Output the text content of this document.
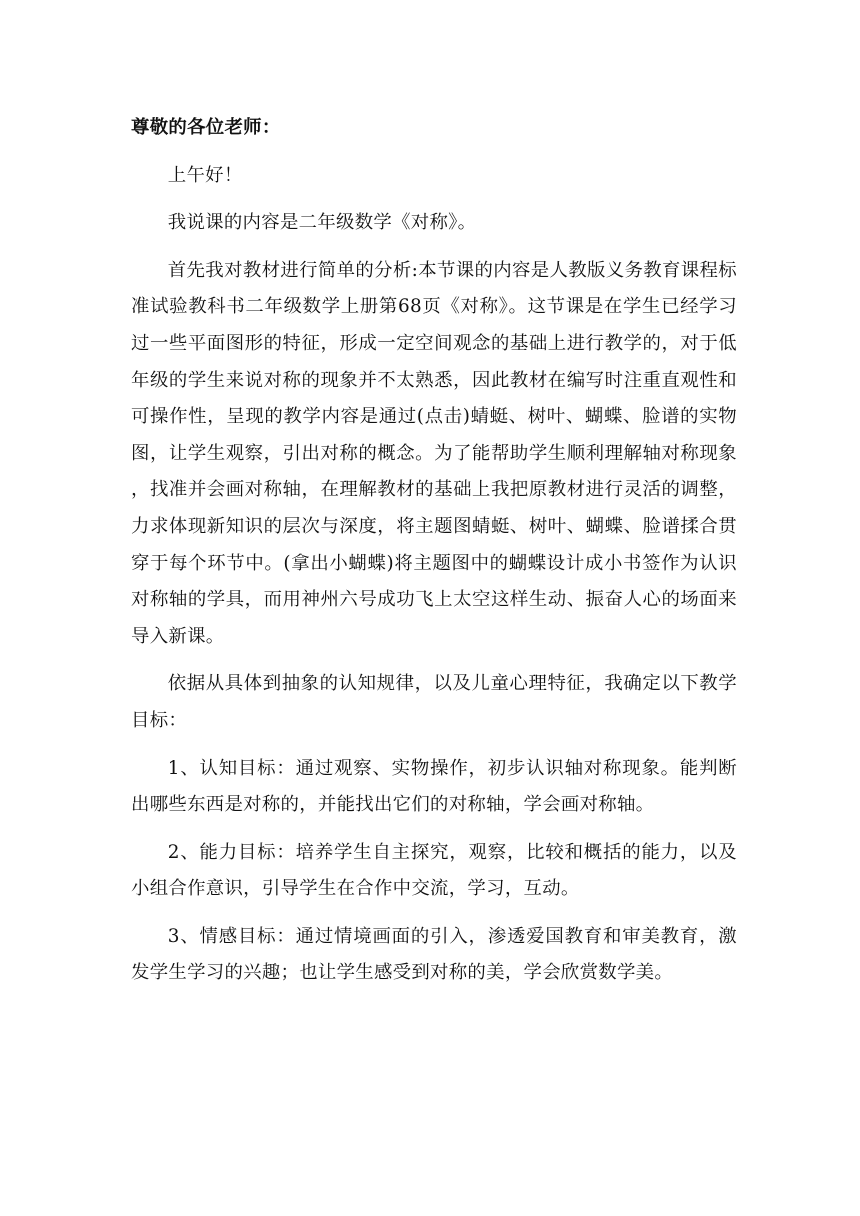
尊敬的各位老师：

上午好！

我说课的内容是二年级数学《对称》。

首先我对教材进行简单的分析:本节课的内容是人教版义务教育课程标准试验教科书二年级数学上册第68页《对称》。这节课是在学生已经学习过一些平面图形的特征，形成一定空间观念的基础上进行教学的，对于低年级的学生来说对称的现象并不太熟悉，因此教材在编写时注重直观性和可操作性，呈现的教学内容是通过(点击)蜻蜓、树叶、蝴蝶、脸谱的实物图，让学生观察，引出对称的概念。为了能帮助学生顺利理解轴对称现象，找准并会画对称轴，在理解教材的基础上我把原教材进行灵活的调整，力求体现新知识的层次与深度，将主题图蜻蜓、树叶、蝴蝶、脸谱揉合贯穿于每个环节中。(拿出小蝴蝶)将主题图中的蝴蝶设计成小书签作为认识对称轴的学具，而用神州六号成功飞上太空这样生动、振奋人心的场面来导入新课。

依据从具体到抽象的认知规律，以及儿童心理特征，我确定以下教学目标：

1、认知目标：通过观察、实物操作，初步认识轴对称现象。能判断出哪些东西是对称的，并能找出它们的对称轴，学会画对称轴。

2、能力目标：培养学生自主探究，观察，比较和概括的能力，以及小组合作意识，引导学生在合作中交流，学习，互动。

3、情感目标：通过情境画面的引入，渗透爱国教育和审美教育，激发学生学习的兴趣；也让学生感受到对称的美，学会欣赏数学美。
